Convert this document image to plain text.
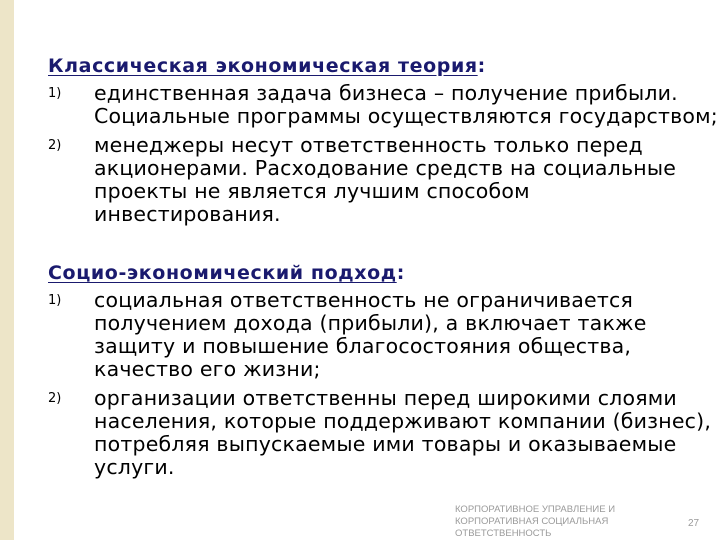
Классическая экономическая теория:
1) единственная задача бизнеса – получение прибыли. Социальные программы осуществляются государством;
2) менеджеры несут ответственность только перед акционерами. Расходование средств на социальные проекты не является лучшим способом инвестирования.
Социо-экономический подход:
1) социальная ответственность не ограничивается получением дохода (прибыли), а включает также защиту и повышение благосостояния общества, качество его жизни;
2) организации ответственны перед широкими слоями населения, которые поддерживают компании (бизнес), потребляя выпускаемые ими товары и оказываемые услуги.
КОРПОРАТИВНОЕ УПРАВЛЕНИЕ И КОРПОРАТИВНАЯ СОЦИАЛЬНАЯ ОТВЕТСТВЕННОСТЬ
27
